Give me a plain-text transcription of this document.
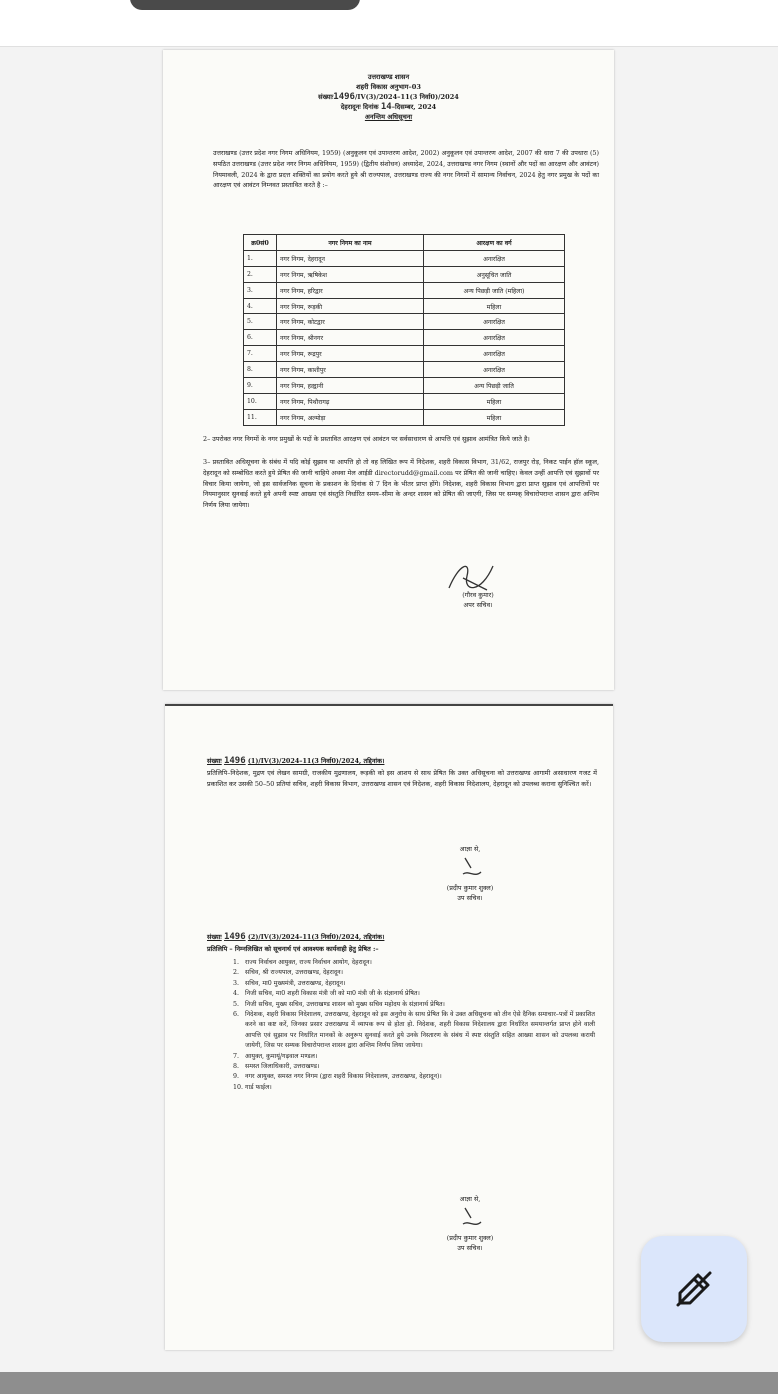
उत्तराखण्ड शासन
शहरी विकास अनुभाग–03
संख्याः1496/IV(3)/2024–11(3 निर्वा0)/2024
देहरादूनः दिनांक 14–दिसम्बर, 2024
अनन्तिम अधिसूचना

उत्तराखण्ड (उत्तर प्रदेश नगर निगम अधिनियम, 1959) (अनुकूलन एवं उपान्तरण आदेश, 2002) अनुकूलन एवं उपान्तरण आदेश, 2007 की धारा 7 की उपधारा (5) सपठित उत्तराखण्ड (उत्तर प्रदेश नगर निगम अधिनियम, 1959) (द्वितीय संशोधन) अध्यादेश, 2024, उत्तराखण्ड नगर निगम (स्थानों और पदों का आरक्षण और आवंटन) नियमावली, 2024 के द्वारा प्रदत्त शक्तियों का प्रयोग करते हुये श्री राज्यपाल, उत्तराखण्ड राज्य की नगर निगमों में सामान्य निर्वाचन, 2024 हेतु नगर प्रमुख के पदों का आरक्षण एवं आवंटन निम्नवत प्रस्तावित करते है :–

क्र0सं0	नगर निगम का नाम	आरक्षण का वर्ग
1.	नगर निगम, देहरादून	अनारक्षित
2.	नगर निगम, ऋषिकेश	अनुसूचित जाति
3.	नगर निगम, हरिद्वार	अन्य पिछड़ी जाति (महिला)
4.	नगर निगम, रूड़की	महिला
5.	नगर निगम, कोटद्वार	अनारक्षित
6.	नगर निगम, श्रीनगर	अनारक्षित
7.	नगर निगम, रूद्रपुर	अनारक्षित
8.	नगर निगम, काशीपुर	अनारक्षित
9.	नगर निगम, हल्द्वानी	अन्य पिछड़ी जाति
10.	नगर निगम, पिथौरागढ़	महिला
11.	नगर निगम, अल्मोड़ा	महिला

2– उपरोक्त नगर निगमों के नगर प्रमुखों के पदों के प्रस्तावित आरक्षण एवं आवंटन पर सर्वसाधारण से आपत्ति एवं सुझाव आमंत्रित किये जाते है।

3– प्रस्तावित अधिसूचना के संबंध में यदि कोई सुझाव या आपत्ति हो तो वह लिखित रूप में निदेशक, शहरी विकास विभाग, 31/62, राजपुर रोड़, निकट पाईन हॉल स्कूल, देहरादून को सम्बोधित करते हुये प्रेषित की जानी चाहिये अथवा मेल आईडी directorudd@gmail.com पर प्रेषित की जानी चाहिए। केवल उन्हीं आपत्ति एवं सुझावों पर विचार किया जायेगा, जो इस सार्वजनिक सूचना के प्रकाशन के दिनांक से 7 दिन के भीतर प्राप्त होंगे। निदेशक, शहरी विकास विभाग द्वारा प्राप्त सुझाव एवं आपत्तियों पर नियमानुसार सुनवाई करते हुये अपनी स्पष्ट आख्या एवं संस्तुति निर्धारित समय–सीमा के अन्दर शासन को प्रेषित की जाएगी, जिस पर सम्यक् विचारोपरान्त शासन द्वारा अन्तिम निर्णय लिया जायेगा।

(गौरव कुमार)
अपर सचिव।
संख्याः 1496 (1)/IV(3)/2024–11(3 निर्वा0)/2024, तद्दिनांक।

प्रतिलिपि–निदेशक, मुद्रण एवं लेखन सामग्री, राजकीय मुद्रणालय, रूड़की को इस आशय से साथ प्रेषित कि उक्त अधिसूचना को उत्तराखण्ड आगामी असाधारण गजट में प्रकाशित कर उसकी 50–50 प्रतियां सचिव, शहरी विकास विभाग, उत्तराखण्ड शासन एवं निदेशक, शहरी विकास निदेशालय, देहरादून को उपलब्ध कराना सुनिश्चित करें।

आज्ञा से,
(प्रदीप कुमार शुक्ल)
उप सचिव।
संख्याः 1496 (2)/IV(3)/2024–11(3 निर्वा0)/2024, तद्दिनांक।
प्रतिलिपि – निम्नलिखित को सूचनार्थ एवं आवश्यक कार्यवाही हेतु प्रेषित :–
1. राज्य निर्वाचन आयुक्त, राज्य निर्वाचन आयोग, देहरादून।
2. सचिव, श्री राज्यपाल, उत्तराखण्ड, देहरादून।
3. सचिव, मा0 मुख्यमंत्री, उत्तराखण्ड, देहरादून।
4. निजी सचिव, मा0 शहरी विकास मंत्री जी को मा0 मंत्री जी के संज्ञानार्थ प्रेषित।
5. निजी सचिव, मुख्य सचिव, उत्तराखण्ड शासन को मुख्य सचिव महोदय के संज्ञानार्थ प्रेषित।
6. निदेशक, शहरी विकास निदेशालय, उत्तराखण्ड, देहरादून को इस अनुरोध के साथ प्रेषित कि वे उक्त अधिसूचना को तीन ऐसे दैनिक समाचार–पत्रों में प्रकाशित करने का कष्ट करें, जिनका प्रसार उत्तराखण्ड में व्यापक रूप से होता हो. निदेशक, शहरी विकास निदेशालय द्वारा निर्धारित समयान्तर्गत प्राप्त होने वाली आपत्ति एवं सुझाव पर निर्धारित मानकों के अनुरूप सुनवाई करते हुये उनके निस्तारण के संबंध में स्पष्ट संस्तुति सहित आख्या शासन को उपलब्ध करायी जायेगी, जिस पर सम्यक विचारोपरान्त शासन द्वारा अन्तिम निर्णय लिया जायेगा।
7. आयुक्त, कुमायूं/गढ़वाल मण्डल।
8. समस्त जिलाधिकारी, उत्तराखण्ड।
9. नगर आयुक्त, समस्त नगर निगम (द्वारा शहरी विकास निदेशालय, उत्तराखण्ड, देहरादून)।
10. गार्ड फाईल।
आज्ञा से,
(प्रदीप कुमार शुक्ल)
उप सचिव।
